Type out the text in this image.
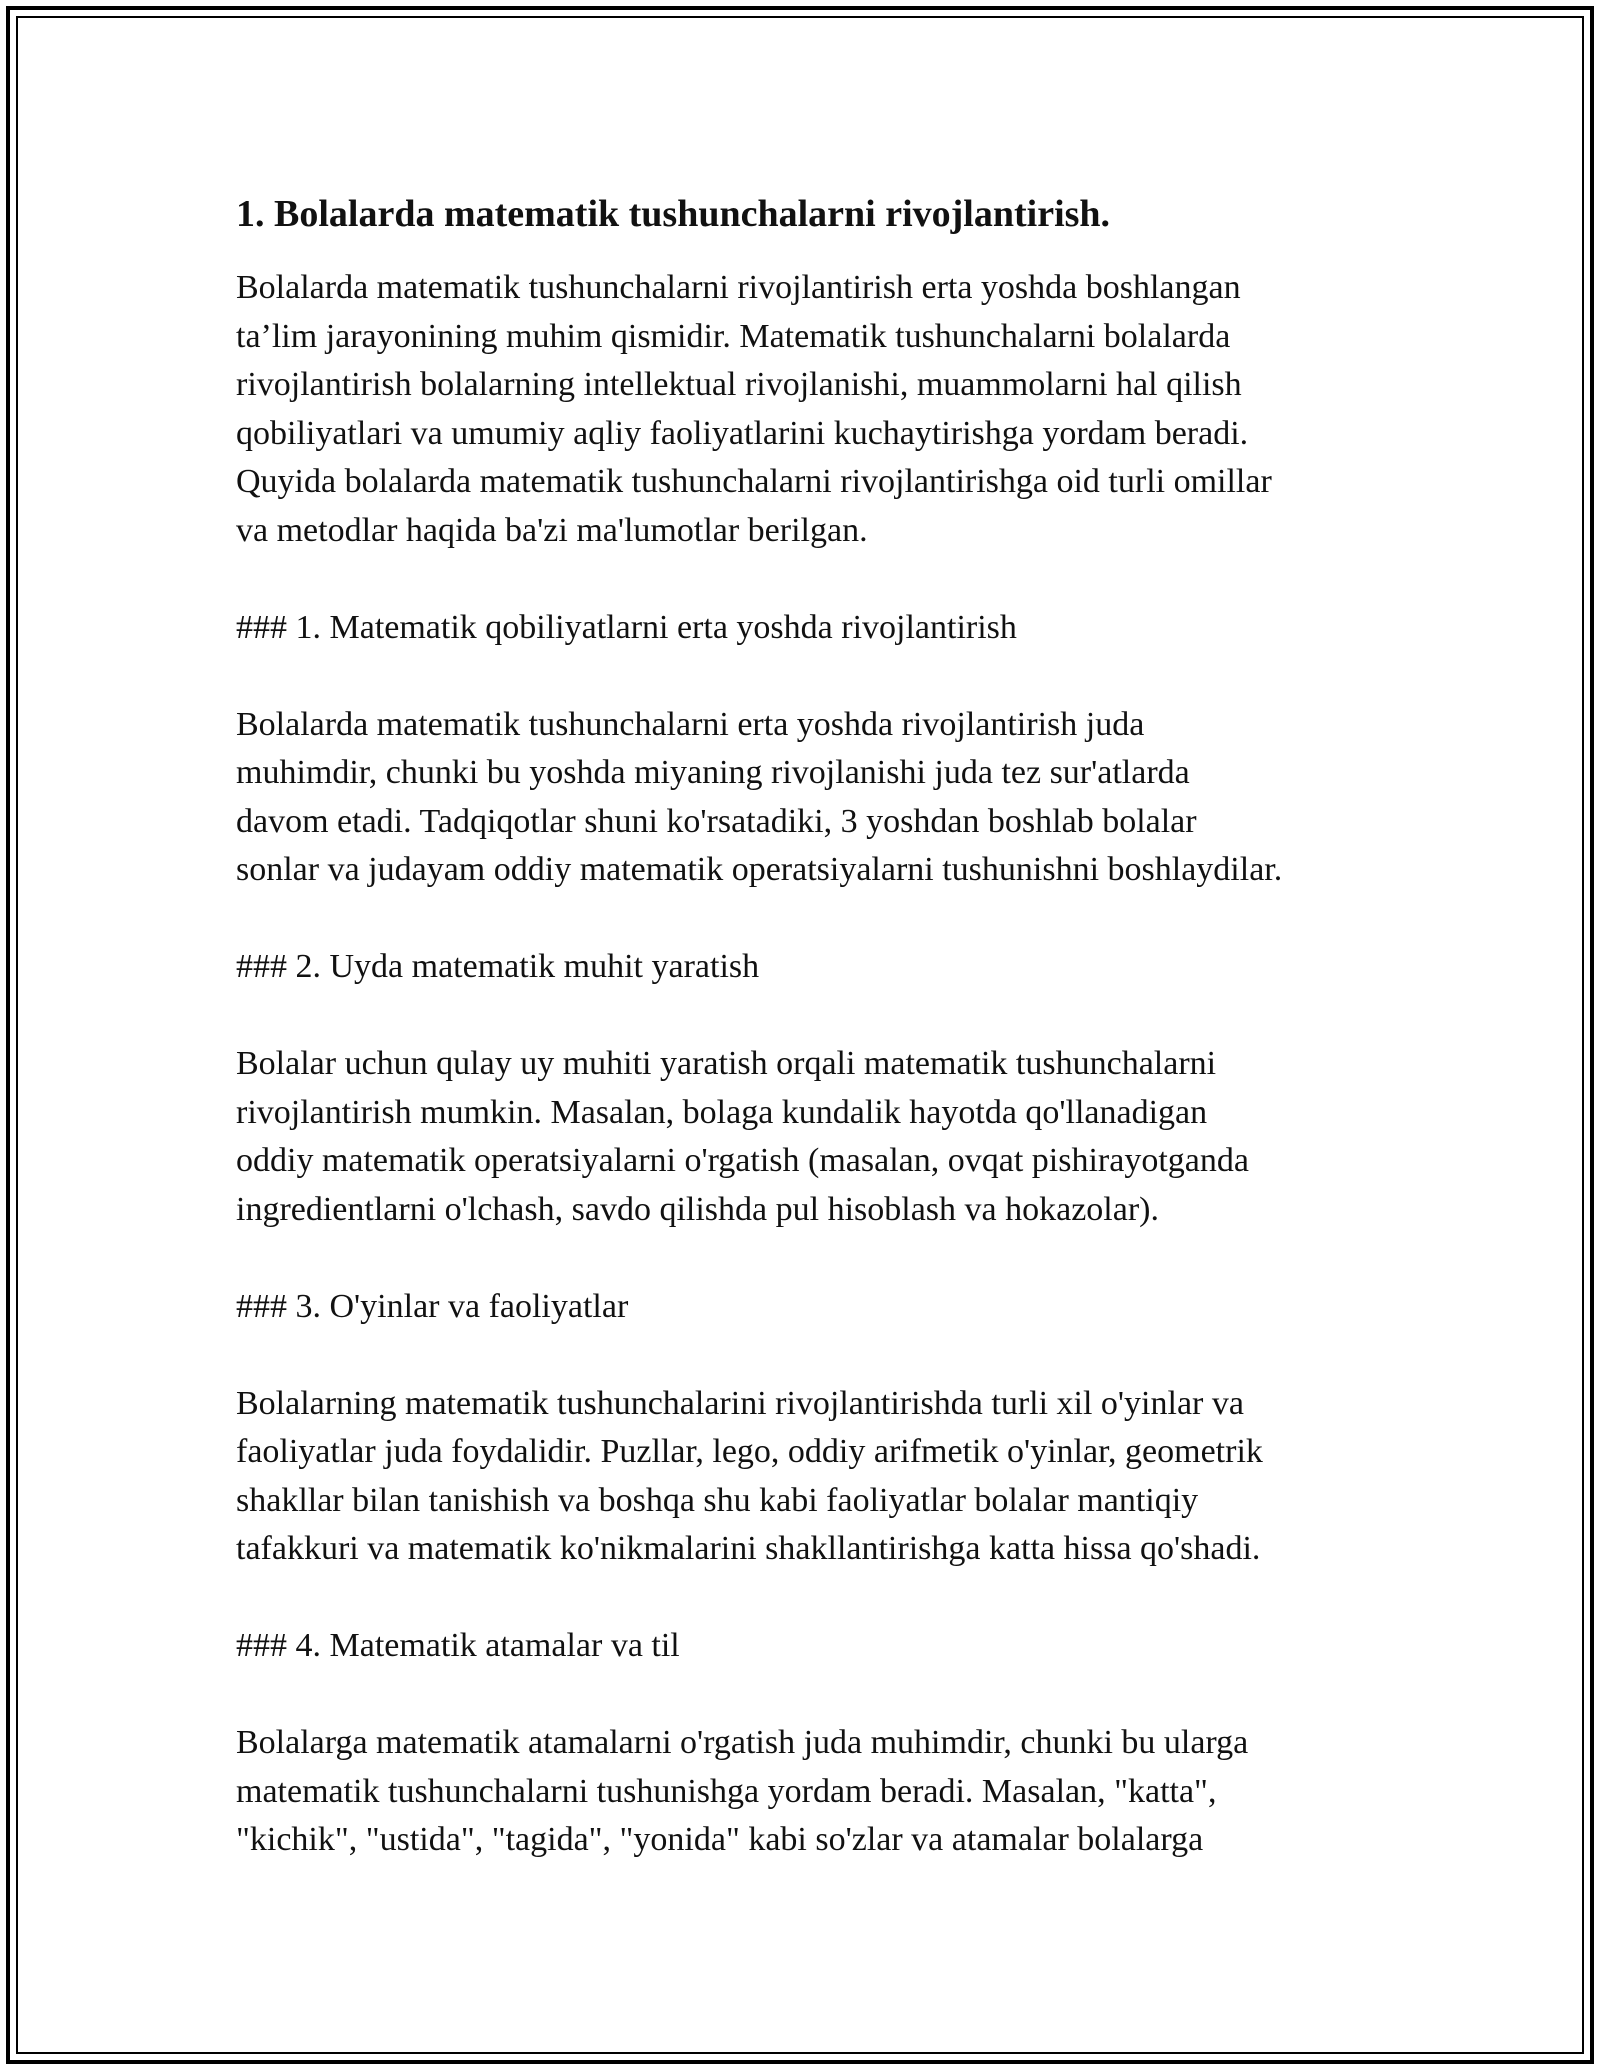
1. Bolalarda matematik tushunchalarni rivojlantirish.

Bolalarda matematik tushunchalarni rivojlantirish erta yoshda boshlangan
ta’lim jarayonining muhim qismidir. Matematik tushunchalarni bolalarda
rivojlantirish bolalarning intellektual rivojlanishi, muammolarni hal qilish
qobiliyatlari va umumiy aqliy faoliyatlarini kuchaytirishga yordam beradi.
Quyida bolalarda matematik tushunchalarni rivojlantirishga oid turli omillar
va metodlar haqida ba'zi ma'lumotlar berilgan.

### 1. Matematik qobiliyatlarni erta yoshda rivojlantirish

Bolalarda matematik tushunchalarni erta yoshda rivojlantirish juda
muhimdir, chunki bu yoshda miyaning rivojlanishi juda tez sur'atlarda
davom etadi. Tadqiqotlar shuni ko'rsatadiki, 3 yoshdan boshlab bolalar
sonlar va judayam oddiy matematik operatsiyalarni tushunishni boshlaydilar.

### 2. Uyda matematik muhit yaratish

Bolalar uchun qulay uy muhiti yaratish orqali matematik tushunchalarni
rivojlantirish mumkin. Masalan, bolaga kundalik hayotda qo'llanadigan
oddiy matematik operatsiyalarni o'rgatish (masalan, ovqat pishirayotganda
ingredientlarni o'lchash, savdo qilishda pul hisoblash va hokazolar).

### 3. O'yinlar va faoliyatlar

Bolalarning matematik tushunchalarini rivojlantirishda turli xil o'yinlar va
faoliyatlar juda foydalidir. Puzllar, lego, oddiy arifmetik o'yinlar, geometrik
shakllar bilan tanishish va boshqa shu kabi faoliyatlar bolalar mantiqiy
tafakkuri va matematik ko'nikmalarini shakllantirishga katta hissa qo'shadi.

### 4. Matematik atamalar va til

Bolalarga matematik atamalarni o'rgatish juda muhimdir, chunki bu ularga
matematik tushunchalarni tushunishga yordam beradi. Masalan, "katta",
"kichik", "ustida", "tagida", "yonida" kabi so'zlar va atamalar bolalarga
